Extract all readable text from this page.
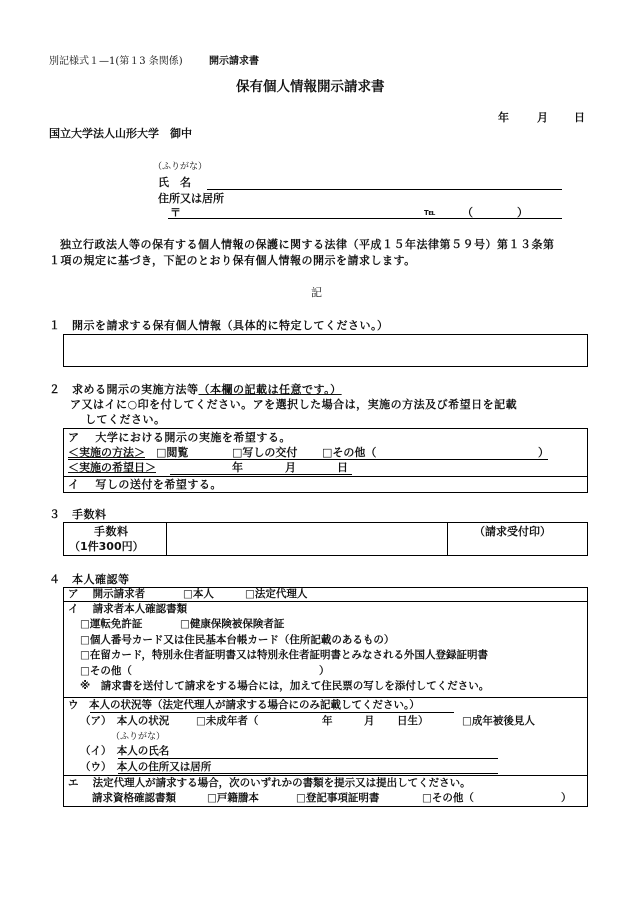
別記様式１—1(第１3 条関係)	開示請求書
保有個人情報開示請求書
年	月 日
国立大学法人山形大学　御中
（ふりがな）
氏　名
住所又は居所
〒	℡ （　　　　）
独立行政法人等の保有する個人情報の保護に関する法律（平成１５年法律第５９号）第１３条第
１項の規定に基づき，下記のとおり保有個人情報の開示を請求します。
記
１　開示を請求する保有個人情報（具体的に特定してください。）
２　求める開示の実施方法等（本欄の記載は任意です。）
ア又はイに○印を付してください。アを選択した場合は，実施の方法及び希望日を記載
してください。
ア　 大学における開示の実施を希望する。
＜実施の方法＞ □閲覧	□写しの交付 □その他（	）
＜実施の希望日＞	年	月	日
イ　 写しの送付を希望する。
３　手数料
手数料
（1件300円）
（請求受付印）
４　本人確認等
ア　 開示請求者	□本人	□法定代理人
イ　 請求者本人確認書類
□運転免許証	□健康保険被保険者証
□個人番号カード又は住民基本台帳カード（住所記載のあるもの）
□在留カード，特別永住者証明書又は特別永住者証明書とみなされる外国人登録証明書
□その他（	）
※　請求書を送付して請求をする場合には，加えて住民票の写しを添付してください。
ウ　本人の状況等（法定代理人が請求する場合にのみ記載してください。）
（ア）　本人の状況	□未成年者（	年	月 日生）	□成年被後見人
（ふりがな）
（イ）　本人の氏名
（ウ）　本人の住所又は居所
エ　 法定代理人が請求する場合，次のいずれかの書類を提示又は提出してください。
請求資格確認書類	□戸籍謄本	□登記事項証明書	□その他（	）
